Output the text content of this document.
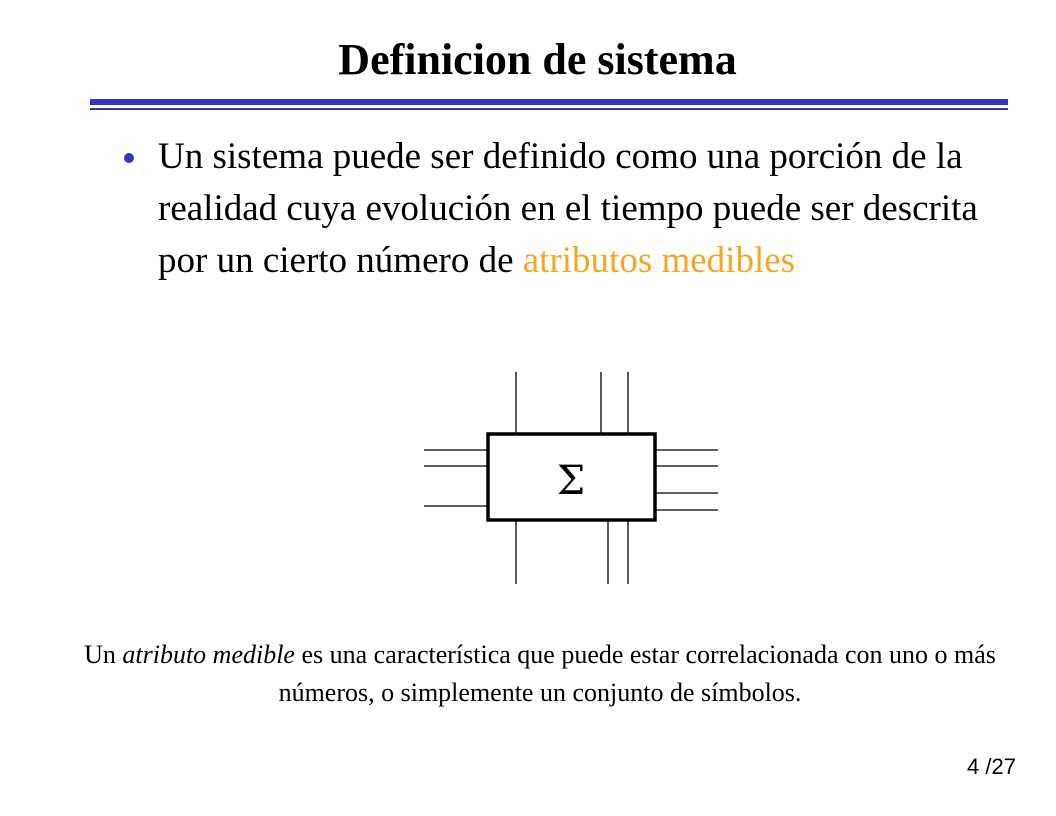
Definicion de sistema
Un sistema puede ser definido como una porción de la realidad cuya evolución en el tiempo puede ser descrita por un cierto número de atributos medibles
Σ
Un atributo medible es una característica que puede estar correlacionada con uno o más números, o simplemente un conjunto de símbolos.
4 /27
